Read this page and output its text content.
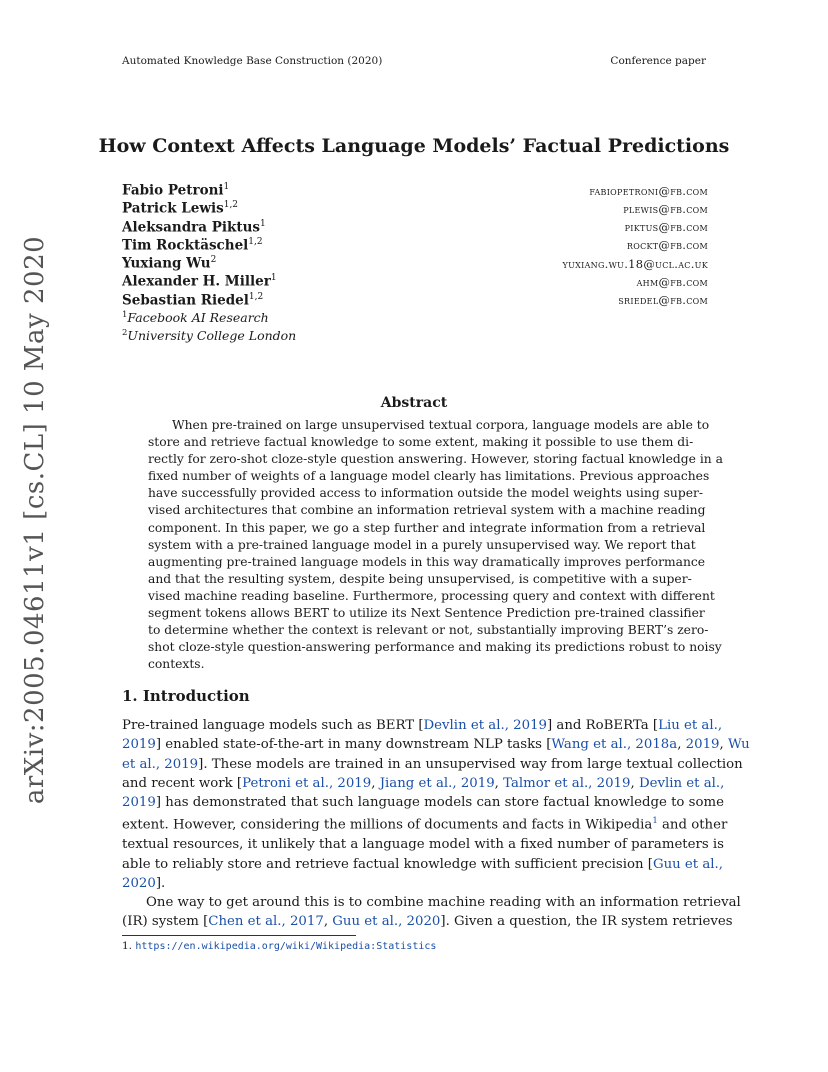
Automated Knowledge Base Construction (2020)	Conference paper
arXiv:2005.04611v1 [cs.CL] 10 May 2020
How Context Affects Language Models’ Factual Predictions
Fabio Petroni$^1$	fabiopetroni@fb.com
Patrick Lewis$^{1,2}$	plewis@fb.com
Aleksandra Piktus$^1$	piktus@fb.com
Tim Rocktäschel$^{1,2}$	rockt@fb.com
Yuxiang Wu$^2$	yuxiang.wu.18@ucl.ac.uk
Alexander H. Miller$^1$	ahm@fb.com
Sebastian Riedel$^{1,2}$	sriedel@fb.com
$^1$Facebook AI Research
$^2$University College London
Abstract
When pre-trained on large unsupervised textual corpora, language models are able to
store and retrieve factual knowledge to some extent, making it possible to use them di-
rectly for zero-shot cloze-style question answering. However, storing factual knowledge in a
fixed number of weights of a language model clearly has limitations. Previous approaches
have successfully provided access to information outside the model weights using super-
vised architectures that combine an information retrieval system with a machine reading
component. In this paper, we go a step further and integrate information from a retrieval
system with a pre-trained language model in a purely unsupervised way. We report that
augmenting pre-trained language models in this way dramatically improves performance
and that the resulting system, despite being unsupervised, is competitive with a super-
vised machine reading baseline. Furthermore, processing query and context with different
segment tokens allows BERT to utilize its Next Sentence Prediction pre-trained classifier
to determine whether the context is relevant or not, substantially improving BERT’s zero-
shot cloze-style question-answering performance and making its predictions robust to noisy
contexts.
1. Introduction
Pre-trained language models such as BERT [Devlin et al., 2019] and RoBERTa [Liu et al.,
2019] enabled state-of-the-art in many downstream NLP tasks [Wang et al., 2018a, 2019, Wu
et al., 2019]. These models are trained in an unsupervised way from large textual collection
and recent work [Petroni et al., 2019, Jiang et al., 2019, Talmor et al., 2019, Devlin et al.,
2019] has demonstrated that such language models can store factual knowledge to some
extent. However, considering the millions of documents and facts in Wikipedia$^1$ and other
textual resources, it unlikely that a language model with a fixed number of parameters is
able to reliably store and retrieve factual knowledge with sufficient precision [Guu et al.,
2020].
One way to get around this is to combine machine reading with an information retrieval
(IR) system [Chen et al., 2017, Guu et al., 2020]. Given a question, the IR system retrieves
1. https://en.wikipedia.org/wiki/Wikipedia:Statistics
